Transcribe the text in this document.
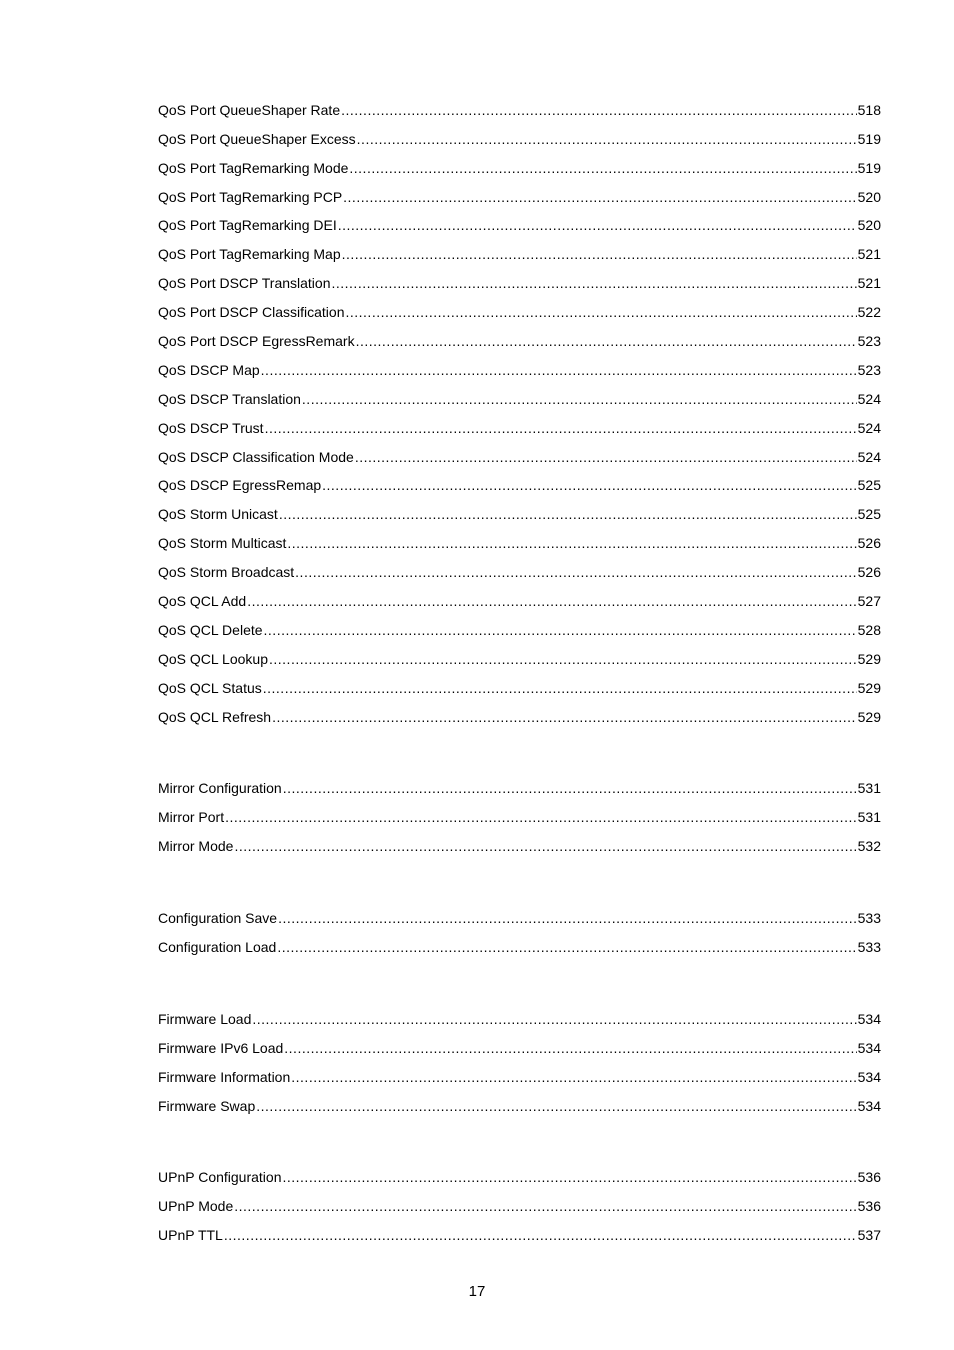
QoS Port QueueShaper Rate .....	518
QoS Port QueueShaper Excess .....	519
QoS Port TagRemarking Mode .....	519
QoS Port TagRemarking PCP .....	520
QoS Port TagRemarking DEI .....	520
QoS Port TagRemarking Map .....	521
QoS Port DSCP Translation .....	521
QoS Port DSCP Classification .....	522
QoS Port DSCP EgressRemark .....	523
QoS DSCP Map .....	523
QoS DSCP Translation .....	524
QoS DSCP Trust .....	524
QoS DSCP Classification Mode .....	524
QoS DSCP EgressRemap .....	525
QoS Storm Unicast .....	525
QoS Storm Multicast .....	526
QoS Storm Broadcast .....	526
QoS QCL Add .....	527
QoS QCL Delete .....	528
QoS QCL Lookup .....	529
QoS QCL Status .....	529
QoS QCL Refresh .....	529
Mirror Configuration .....	531
Mirror Port .....	531
Mirror Mode .....	532
Configuration Save .....	533
Configuration Load .....	533
Firmware Load .....	534
Firmware IPv6 Load .....	534
Firmware Information .....	534
Firmware Swap .....	534
UPnP Configuration .....	536
UPnP Mode .....	536
UPnP TTL .....	537
17
